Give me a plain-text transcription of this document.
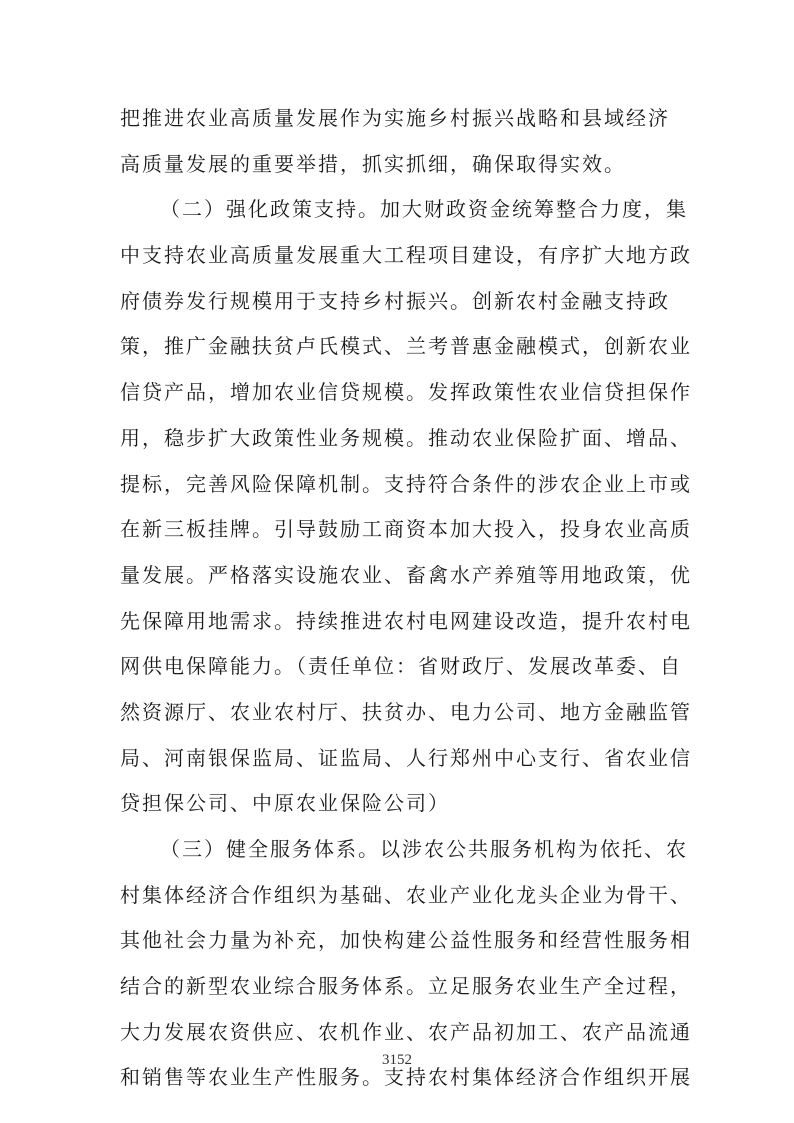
把推进农业高质量发展作为实施乡村振兴战略和县域经济
高质量发展的重要举措，抓实抓细，确保取得实效。
（二）强化政策支持。加大财政资金统筹整合力度，集
中支持农业高质量发展重大工程项目建设，有序扩大地方政
府债券发行规模用于支持乡村振兴。创新农村金融支持政
策，推广金融扶贫卢氏模式、兰考普惠金融模式，创新农业
信贷产品，增加农业信贷规模。发挥政策性农业信贷担保作
用，稳步扩大政策性业务规模。推动农业保险扩面、增品、
提标，完善风险保障机制。支持符合条件的涉农企业上市或
在新三板挂牌。引导鼓励工商资本加大投入，投身农业高质
量发展。严格落实设施农业、畜禽水产养殖等用地政策，优
先保障用地需求。持续推进农村电网建设改造，提升农村电
网供电保障能力。（责任单位：省财政厅、发展改革委、自
然资源厅、农业农村厅、扶贫办、电力公司、地方金融监管
局、河南银保监局、证监局、人行郑州中心支行、省农业信
贷担保公司、中原农业保险公司）
（三）健全服务体系。以涉农公共服务机构为依托、农
村集体经济合作组织为基础、农业产业化龙头企业为骨干、
其他社会力量为补充，加快构建公益性服务和经营性服务相
结合的新型农业综合服务体系。立足服务农业生产全过程，
大力发展农资供应、农机作业、农产品初加工、农产品流通
和销售等农业生产性服务。支持农村集体经济合作组织开展
3152
